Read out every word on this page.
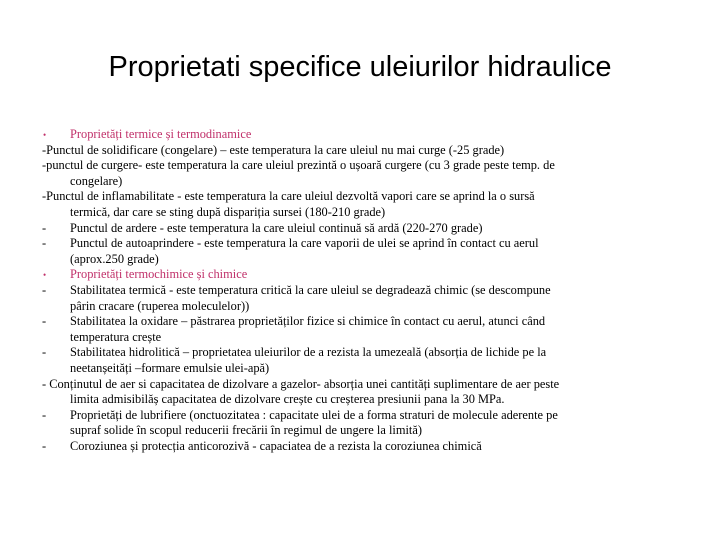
Proprietati specifice uleiurilor hidraulice
• Proprietăți termice și termodinamice
-Punctul de solidificare (congelare) – este temperatura la care uleiul nu mai curge (-25 grade)
-punctul de curgere- este temperatura la care uleiul prezintă o ușoară curgere (cu 3 grade peste temp. de
congelare)
-Punctul de inflamabilitate - este temperatura la care uleiul dezvoltă vapori care se aprind la o sursă
termică, dar care se sting după dispariția sursei (180-210 grade)
- Punctul de ardere - este temperatura la care uleiul continuă să ardă (220-270 grade)
- Punctul de autoaprindere - este temperatura la care vaporii de ulei se aprind în contact cu aerul
(aprox.250 grade)
• Proprietăți termochimice și chimice
- Stabilitatea termică - este temperatura critică la care uleiul se degradează chimic (se descompune
pârin cracare (ruperea moleculelor))
- Stabilitatea la oxidare – păstrarea proprietăților fizice si chimice în contact cu aerul, atunci când
temperatura crește
- Stabilitatea hidrolitică – proprietatea uleiurilor de a rezista la umezeală (absorția de lichide pe la
neetanșeități –formare emulsie ulei-apă)
- Conținutul de aer si capacitatea de dizolvare a gazelor- absorția unei cantități suplimentare de aer peste
limita admisibilăș capacitatea de dizolvare crește cu creșterea presiunii pana la 30 MPa.
- Proprietăți de lubrifiere (onctuozitatea : capacitate ulei de a forma straturi de molecule aderente pe
supraf solide în scopul reducerii frecării în regimul de ungere la limită)
- Coroziunea și protecția anticorozivă - capaciatea de a rezista la coroziunea chimică
